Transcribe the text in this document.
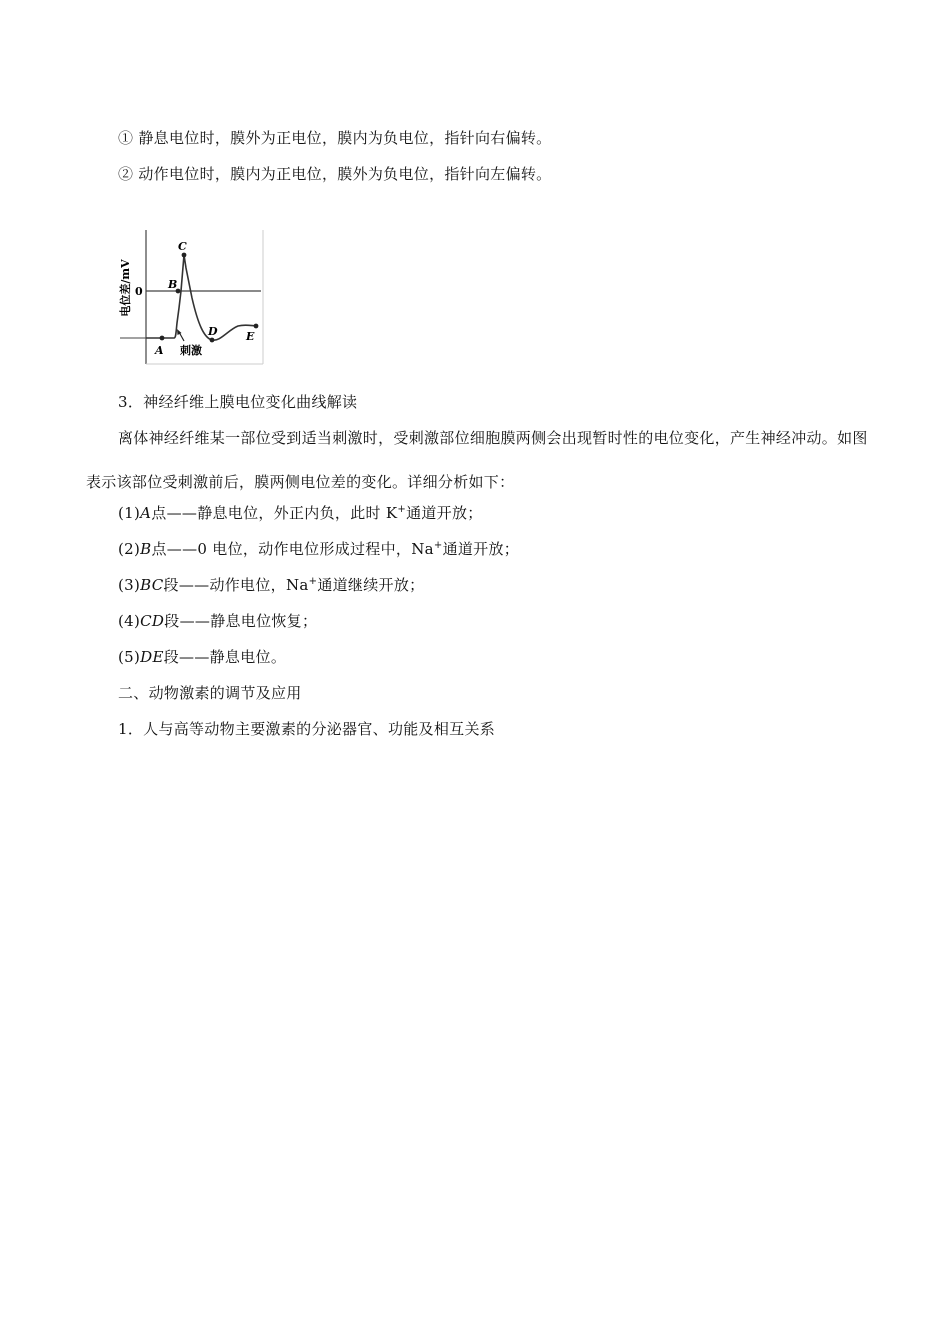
① 静息电位时，膜外为正电位，膜内为负电位，指针向右偏转。
② 动作电位时，膜内为正电位，膜外为负电位，指针向左偏转。
电位差/mV 0
A
B
C
D	E
刺激
3．神经纤维上膜电位变化曲线解读
离体神经纤维某一部位受到适当刺激时，受刺激部位细胞膜两侧会出现暂时性的电位变化，产生神经冲动。如图表示该部位受刺激前后，膜两侧电位差的变化。详细分析如下：
(1)A点——静息电位，外正内负，此时 K+通道开放；
(2)B点——0 电位，动作电位形成过程中，Na+通道开放；
(3)BC段——动作电位，Na+通道继续开放；
(4)CD段——静息电位恢复；
(5)DE段——静息电位。
二、动物激素的调节及应用
1．人与高等动物主要激素的分泌器官、功能及相互关系
